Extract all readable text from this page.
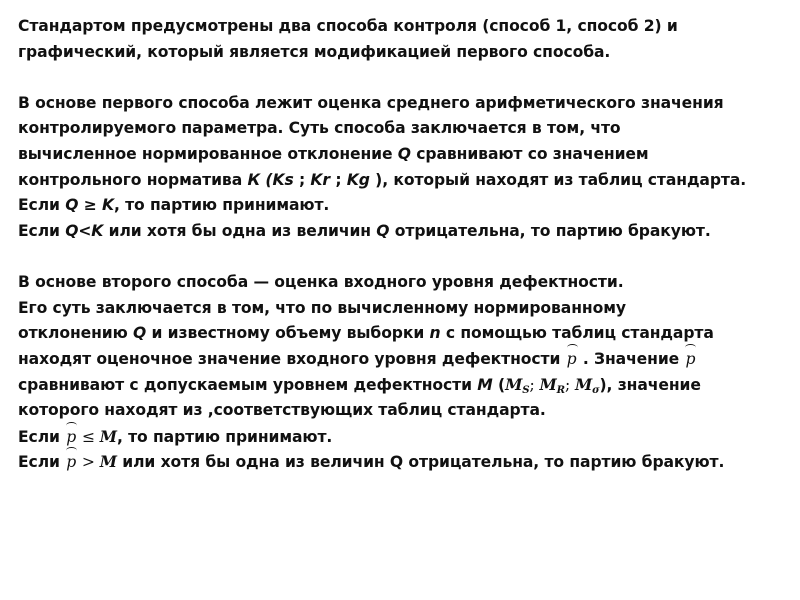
Стандартом предусмотрены два способа контроля (способ 1, способ 2) и
графический, который является модификацией первого способа.
В основе первого способа лежит оценка среднего арифметического значения
контролируемого параметра. Суть способа заключается в том, что
вычисленное нормированное отклонение Q сравнивают со значением
контрольного норматива К (Ks ; Kr ; Kg ), который находят из таблиц стандарта.
Если Q ≥ K, то партию принимают.
Если Q<K или хотя бы одна из величин Q отрицательна, то партию бракуют.
В основе второго способа — оценка входного уровня дефектности.
Его суть заключается в том, что по вычисленному нормированному
отклонению Q и известному объему выборки n с помощью таблиц стандарта
находят оценочное значение входного уровня дефектности p . Значение p
сравнивают с допускаемым уровнем дефектности M ($M_S$; $M_R$; $M_\sigma$), значение
которого находят из ,соответствующих таблиц стандарта.
Если p ≤ M, то партию принимают.
Если p > M или хотя бы одна из величин Q отрицательна, то партию бракуют.
